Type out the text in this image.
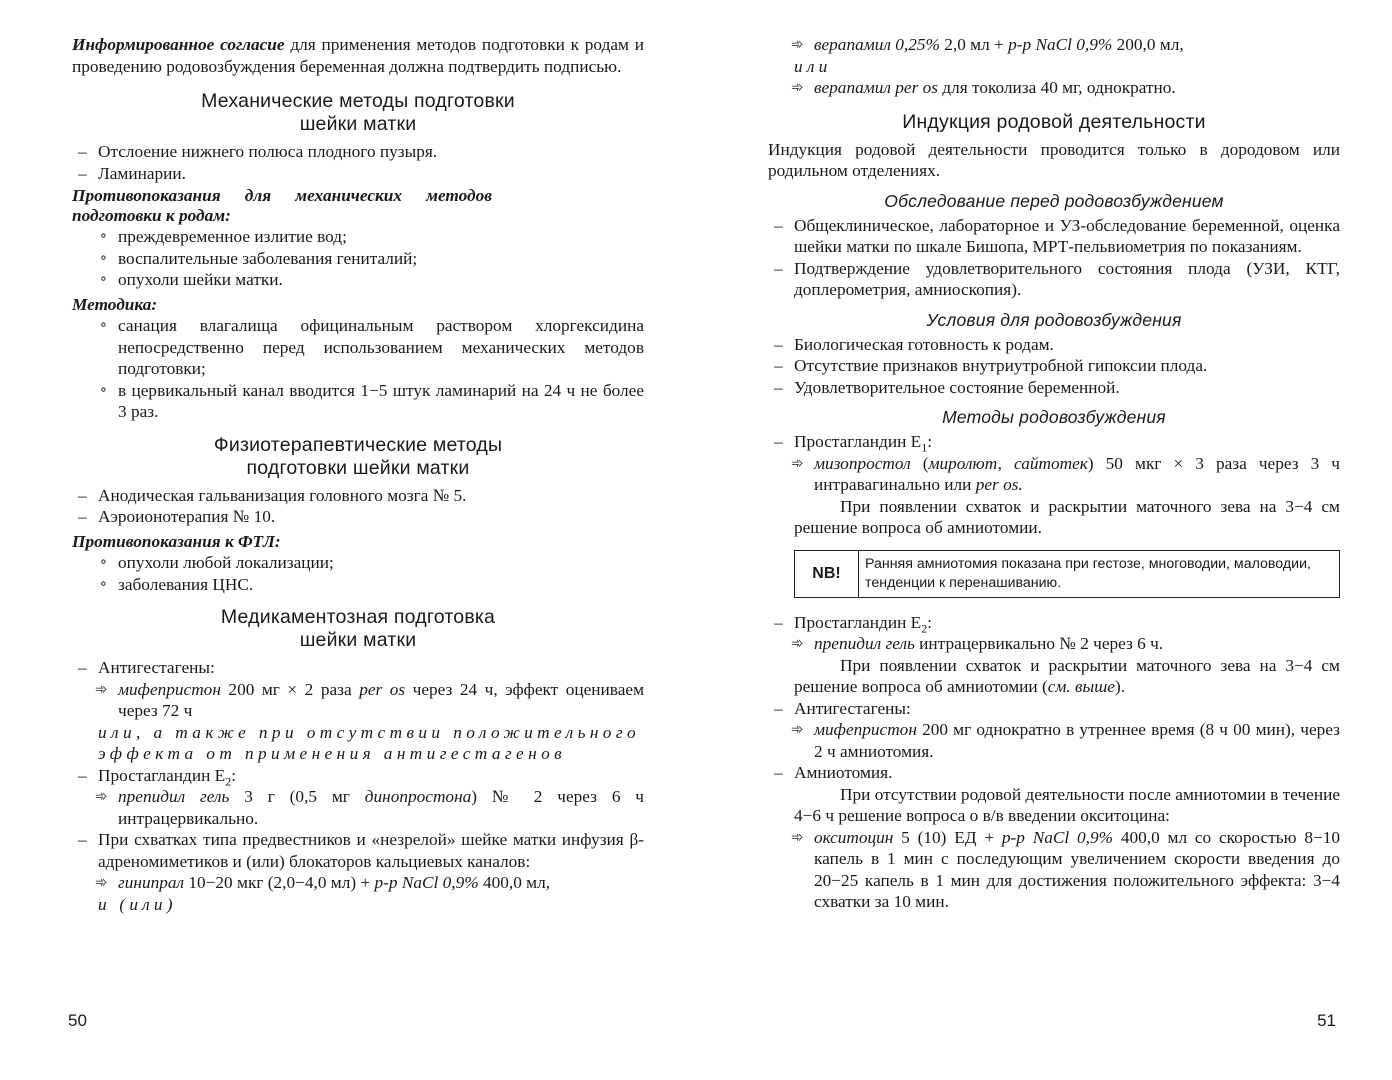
Информированное согласие для применения методов подготовки к родам и проведению родовозбуждения беременная должна подтвердить подписью.

Механические методы подготовки
шейки матки
– Отслоение нижнего полюса плодного пузыря.
– Ламинарии.

Противопоказания для механических методов подготовки к родам:

∘ преждевременное излитие вод;
∘ воспалительные заболевания гениталий;
∘ опухоли шейки матки.

Методика:

∘ санация влагалища официнальным раствором хлоргексидина непосредственно перед использованием механических методов подготовки;
∘ в цервикальный канал вводится 1−5 штук ламинарий на 24 ч не более 3 раз.
Физиотерапевтические методы
подготовки шейки матки
– Анодическая гальванизация головного мозга № 5.
– Аэроионотерапия № 10.

Противопоказания к ФТЛ:

∘ опухоли любой локализации;
∘ заболевания ЦНС.
Медикаментозная подготовка
шейки матки
– Антигестагены:
➾ мифепристон 200 мг × 2 раза per os через 24 ч, эффект оцениваем через 72 ч

или, а также при отсутствии положительного эффекта от применения антигестагенов

– Простагландин $E_2$:
➾ препидил гель 3 г (0,5 мг динопростона) № 2 через 6 ч интрацервикально.
– При схватках типа предвестников и «незрелой» шейке матки инфузия β-адреномиметиков и (или) блокаторов кальциевых каналов:
➾ гинипрал 10−20 мкг (2,0−4,0 мл) + р-р NaCl 0,9% 400,0 мл,

и (или)

50
➾ верапамил 0,25% 2,0 мл + р-р NaCl 0,9% 200,0 мл,

или

➾ верапамил per os для токолиза 40 мг, однократно.
Индукция родовой деятельности

Индукция родовой деятельности проводится только в дородовом или родильном отделениях.

Обследование перед родовозбуждением
– Общеклиническое, лабораторное и УЗ-обследование беременной, оценка шейки матки по шкале Бишопа, МРТ-пельвиометрия по показаниям.
– Подтверждение удовлетворительного состояния плода (УЗИ, КТГ, доплерометрия, амниоскопия).
Условия для родовозбуждения
– Биологическая готовность к родам.
– Отсутствие признаков внутриутробной гипоксии плода.
– Удовлетворительное состояние беременной.
Методы родовозбуждения
– Простагландин $E_1$:
➾ мизопростол (миролют, сайтотек) 50 мкг × 3 раза через 3 ч интравагинально или per os.

При появлении схваток и раскрытии маточного зева на 3−4 см решение вопроса об амниотомии.

NB!
Ранняя амниотомия показана при гестозе, многоводии, маловодии, тенденции к перенашиванию.
– Простагландин $E_2$:
➾ препидил гель интрацервикально № 2 через 6 ч.

При появлении схваток и раскрытии маточного зева на 3−4 см решение вопроса об амниотомии (см. выше).

– Антигестагены:
➾ мифепристон 200 мг однократно в утреннее время (8 ч 00 мин), через 2 ч амниотомия.
– Амниотомия.

При отсутствии родовой деятельности после амниотомии в течение 4−6 ч решение вопроса о в/в введении окситоцина:

➾ окситоцин 5 (10) ЕД + р-р NaCl 0,9% 400,0 мл со скоростью 8−10 капель в 1 мин с последующим увеличением скорости введения до 20−25 капель в 1 мин для достижения положительного эффекта: 3−4 схватки за 10 мин.
51
